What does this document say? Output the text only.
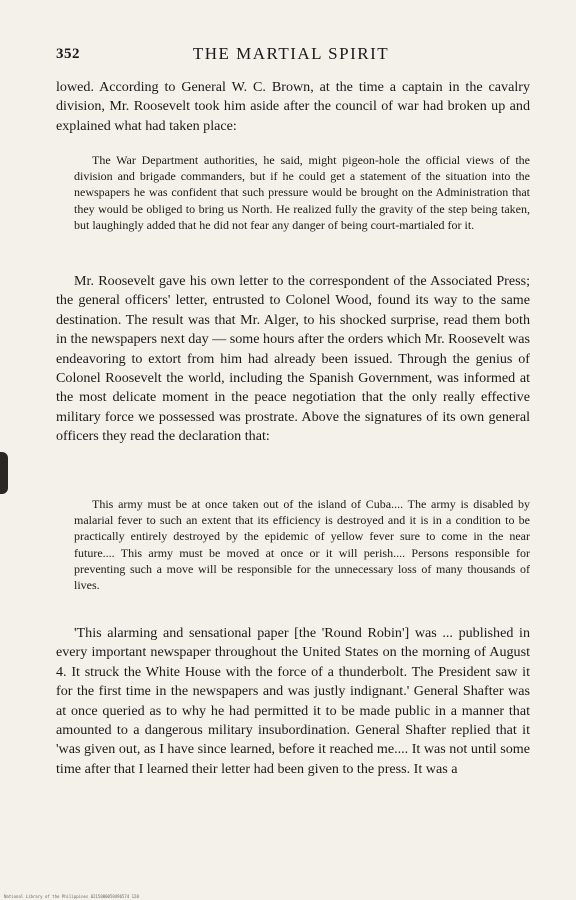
352	THE MARTIAL SPIRIT

lowed. According to General W. C. Brown, at the time a captain in the cavalry division, Mr. Roosevelt took him aside after the council of war had broken up and explained what had taken place:

The War Department authorities, he said, might pigeon-hole the official views of the division and brigade commanders, but if he could get a statement of the situation into the newspapers he was confident that such pressure would be brought on the Administration that they would be obliged to bring us North. He realized fully the gravity of the step being taken, but laughingly added that he did not fear any danger of being court-martialed for it.

Mr. Roosevelt gave his own letter to the correspondent of the Associated Press; the general officers' letter, entrusted to Colonel Wood, found its way to the same destination. The result was that Mr. Alger, to his shocked surprise, read them both in the newspapers next day — some hours after the orders which Mr. Roosevelt was endeavoring to extort from him had already been issued. Through the genius of Colonel Roosevelt the world, including the Spanish Government, was informed at the most delicate moment in the peace negotiation that the only really effective military force we possessed was prostrate. Above the signatures of its own general officers they read the declaration that:

This army must be at once taken out of the island of Cuba.... The army is disabled by malarial fever to such an extent that its efficiency is destroyed and it is in a condition to be practically entirely destroyed by the epidemic of yellow fever sure to come in the near future.... This army must be moved at once or it will perish.... Persons responsible for preventing such a move will be responsible for the unnecessary loss of many thousands of lives.

'This alarming and sensational paper [the 'Round Robin'] was ... published in every important newspaper throughout the United States on the morning of August 4. It struck the White House with the force of a thunderbolt. The President saw it for the first time in the newspapers and was justly indignant.' General Shafter was at once queried as to why he had permitted it to be made public in a manner that amounted to a dangerous military insubordination. General Shafter replied that it 'was given out, as I have since learned, before it reached me.... It was not until some time after that I learned their letter had been given to the press. It was a

National Library of the Philippines 0215000058496574 120
